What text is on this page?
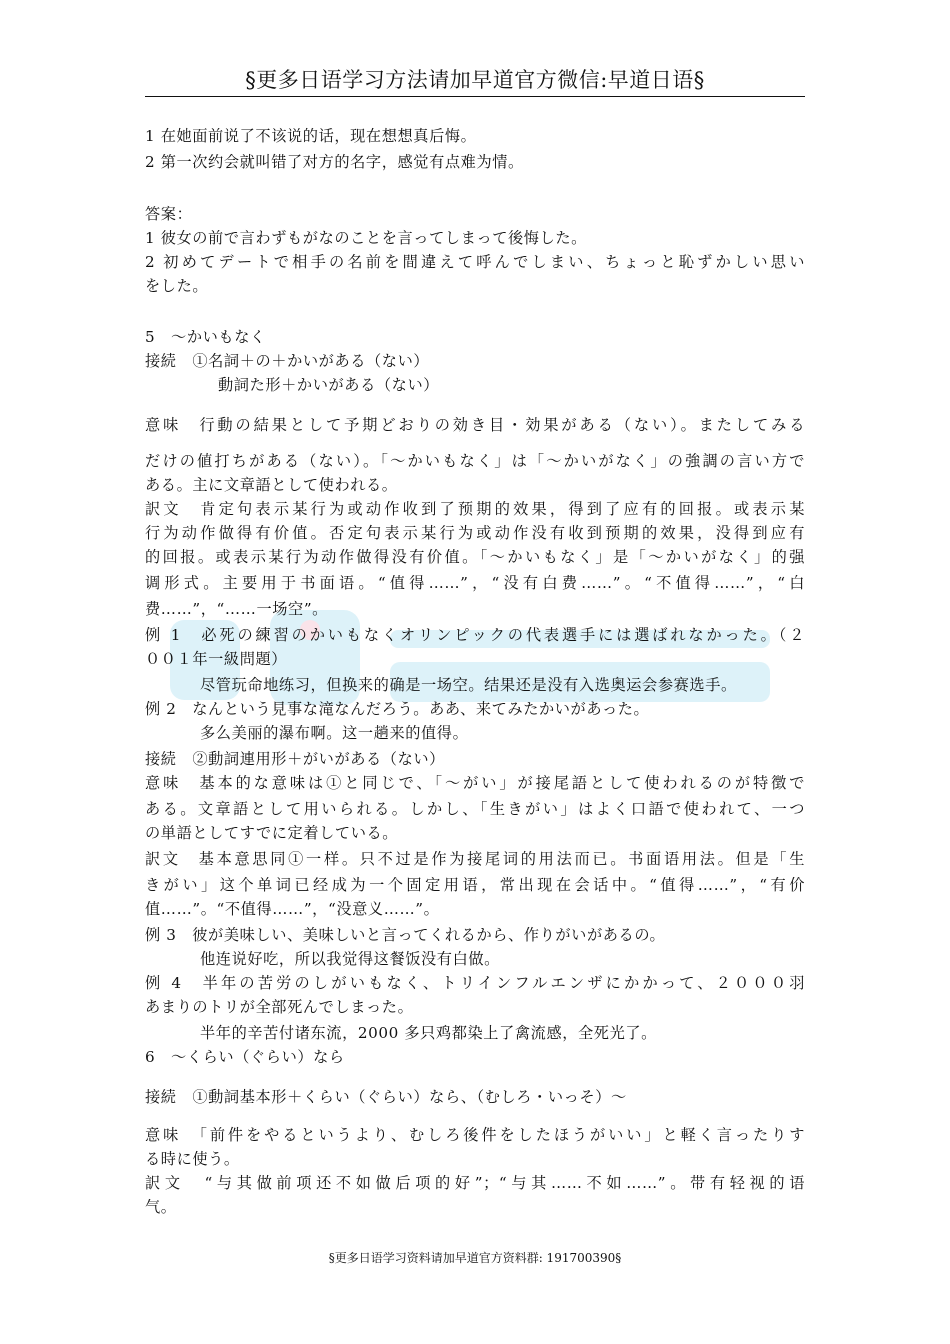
§更多日语学习方法请加早道官方微信:早道日语§
1 在她面前说了不该说的话，现在想想真后悔。
2 第一次约会就叫错了对方的名字，感觉有点难为情。
答案：
1 彼女の前で言わずもがなのことを言ってしまって後悔した。
2 初めてデートで相手の名前を間違えて呼んでしまい、ちょっと恥ずかしい思い
をした。
5　～かいもなく
接続　①名詞＋の＋かいがある（ない）
動詞た形＋かいがある（ない）
意味　行動の結果として予期どおりの効き目・効果がある（ない）。またしてみる
だけの値打ちがある（ない）。「～かいもなく」は「～かいがなく」の強調の言い方で
ある。主に文章語として使われる。
訳文　肯定句表示某行为或动作收到了预期的效果，得到了应有的回报。或表示某
行为动作做得有价值。否定句表示某行为或动作没有收到预期的效果，没得到应有
的回报。或表示某行为动作做得没有价值。「～かいもなく」是「～かいがなく」的强
调形式。主要用于书面语。“值得……”，“没有白费……”。“不值得……”，“白
费……”，“……一场空”。
例 1　必死の練習のかいもなくオリンピックの代表選手には選ばれなかった。（２
００１年一級問題）
尽管玩命地练习，但换来的确是一场空。结果还是没有入选奥运会参赛选手。
例 2　なんという見事な滝なんだろう。ああ、来てみたかいがあった。
多么美丽的瀑布啊。这一趟来的值得。
接続　②動詞連用形＋がいがある（ない）
意味　基本的な意味は①と同じで、「～がい」が接尾語として使われるのが特徴で
ある。文章語として用いられる。しかし、「生きがい」はよく口語で使われて、一つ
の単語としてすでに定着している。
訳文　基本意思同①一样。只不过是作为接尾词的用法而已。书面语用法。但是「生
きがい」这个单词已经成为一个固定用语，常出现在会话中。“值得……”，“有价
值……”。“不值得……”，“没意义……”。
例 3　彼が美味しい、美味しいと言ってくれるから、作りがいがあるの。
他连说好吃，所以我觉得这餐饭没有白做。
例 4　半年の苦労のしがいもなく、トリインフルエンザにかかって、２０００羽
あまりのトリが全部死んでしまった。
半年的辛苦付诸东流，2000 多只鸡都染上了禽流感，全死光了。
6　～くらい（ぐらい）なら
接続　①動詞基本形＋くらい（ぐらい）なら、（むしろ・いっそ）～
意味　「前件をやるというより、むしろ後件をしたほうがいい」と軽く言ったりす
る時に使う。
訳文　“与其做前项还不如做后项的好”；“与其……不如……”。带有轻视的语
气。
§更多日语学习资料请加早道官方资料群: 191700390§
